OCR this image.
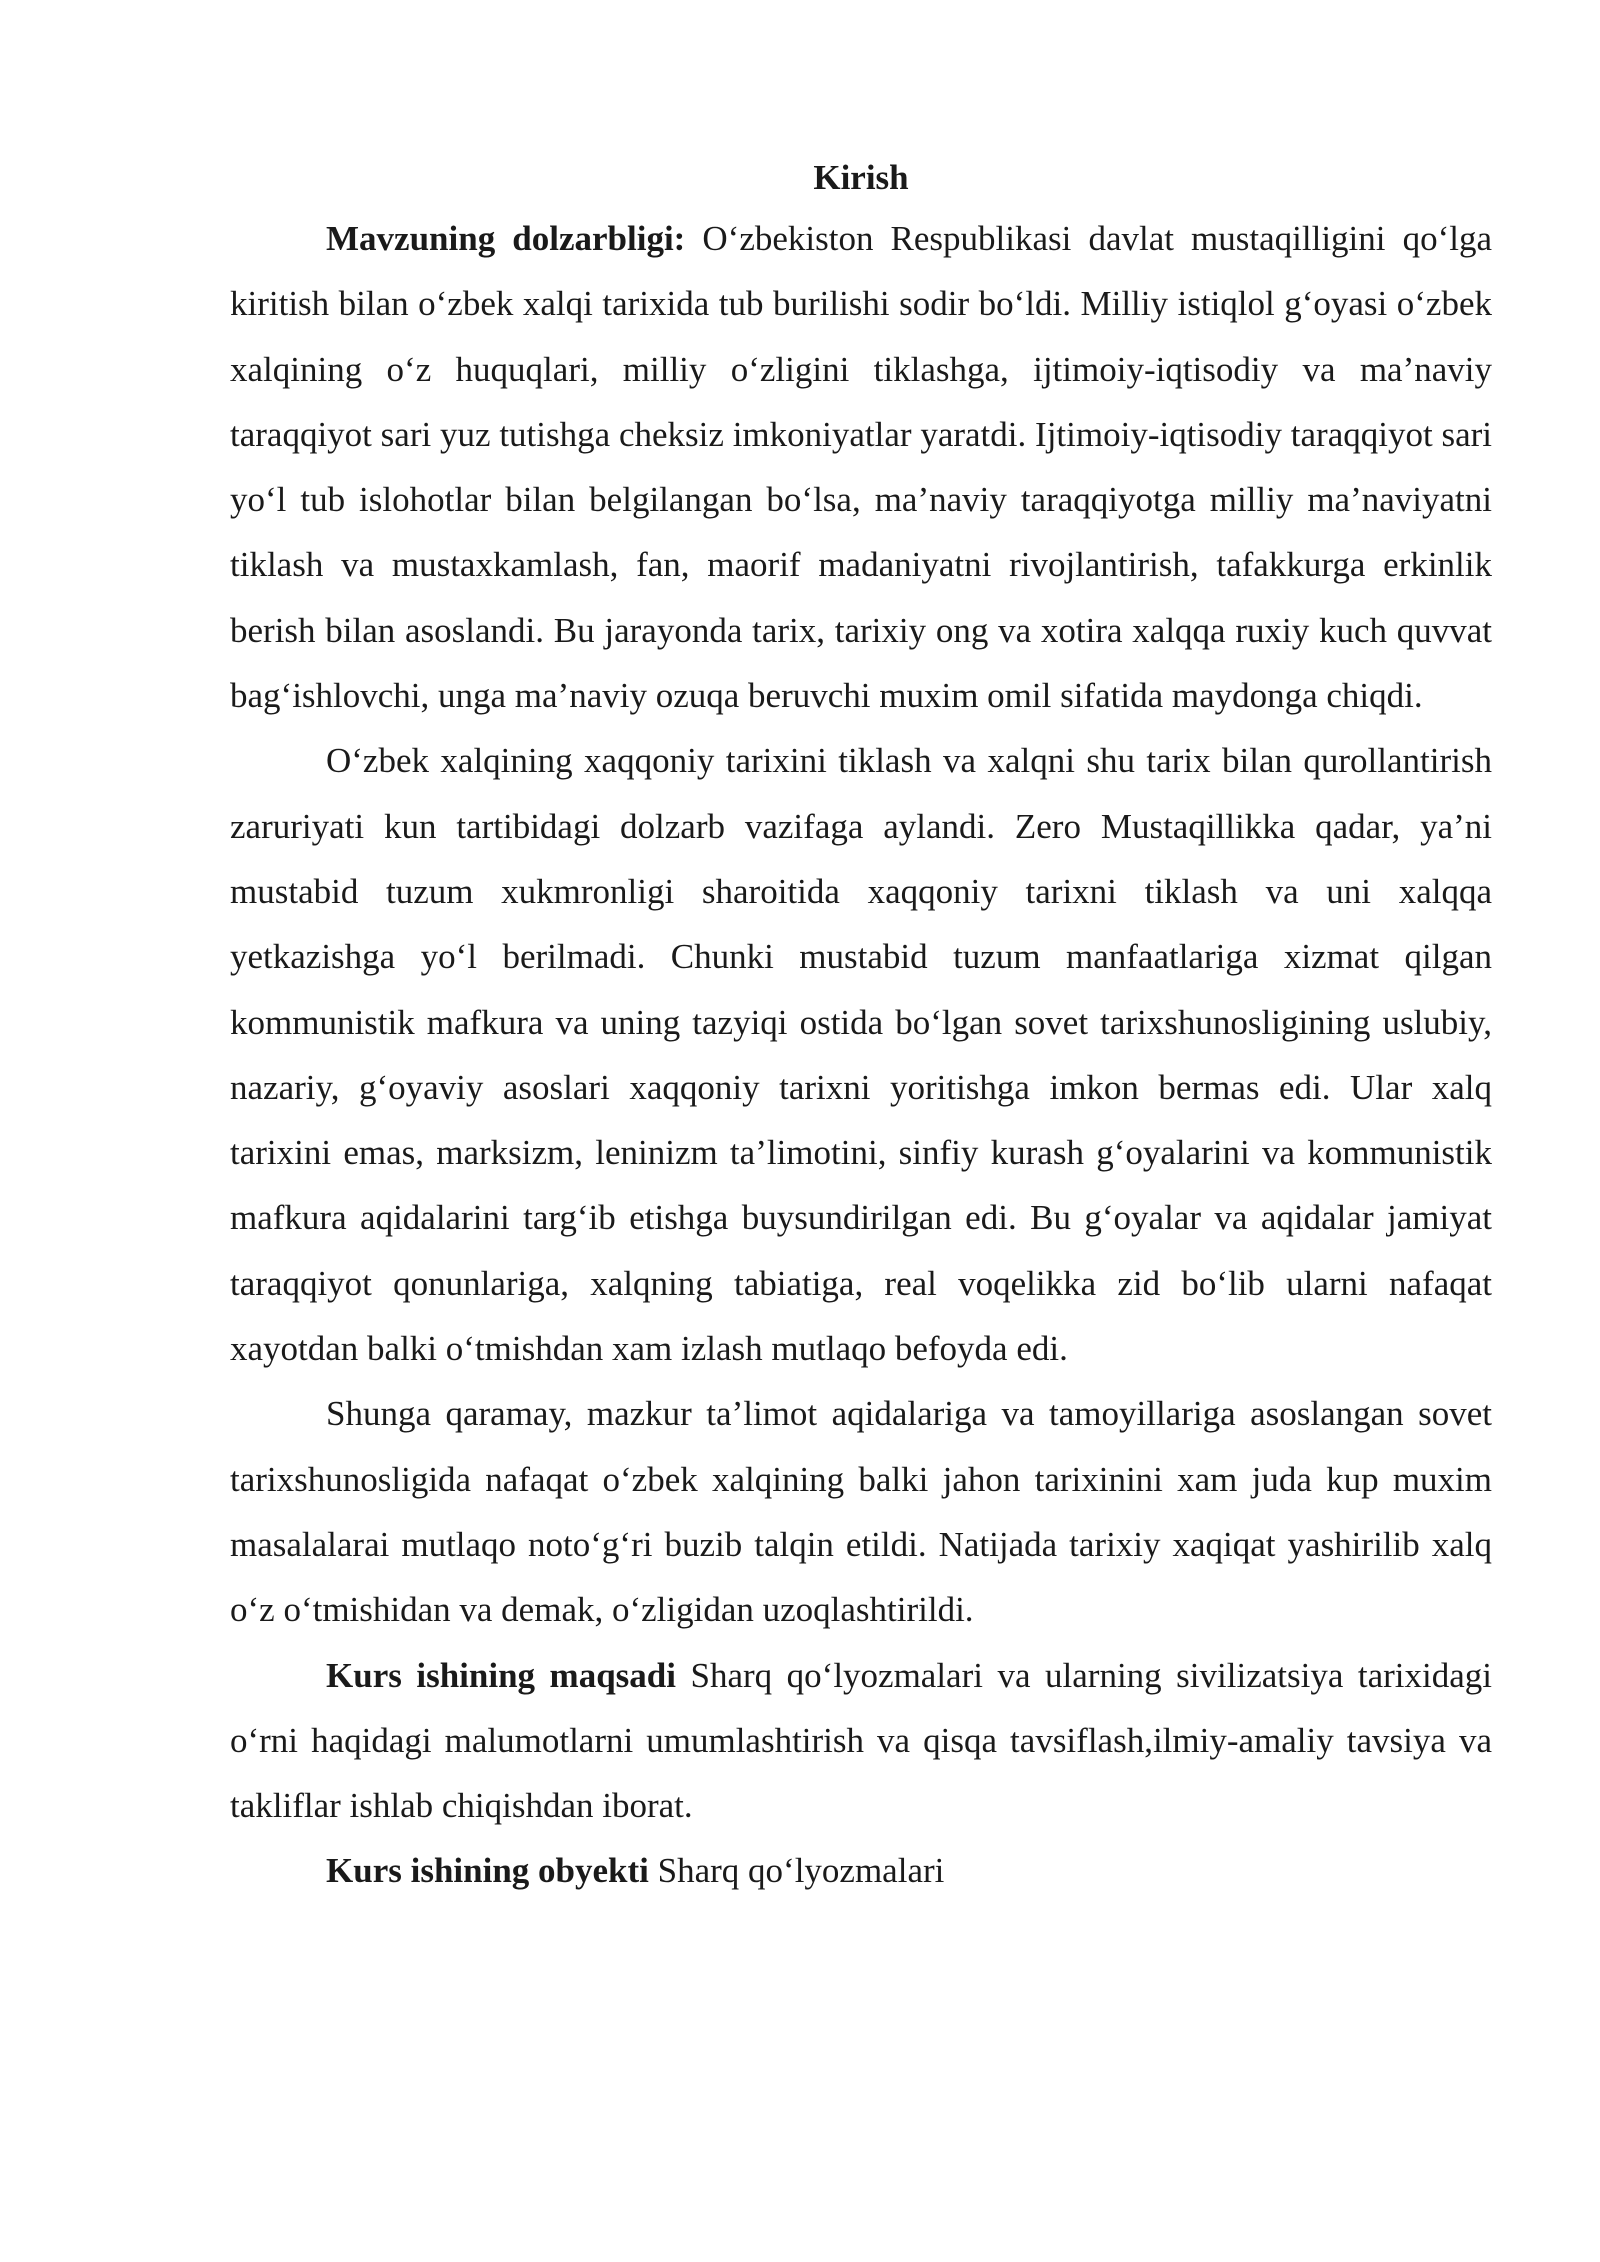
Kirish

Mavzuning dolzarbligi: O‘zbekiston Respublikasi davlat mustaqilligini qo‘lga kiritish bilan o‘zbek xalqi tarixida tub burilishi sodir bo‘ldi. Milliy istiqlol g‘oyasi o‘zbek xalqining o‘z huquqlari, milliy o‘zligini tiklashga, ijtimoiy-iqtisodiy va ma’naviy taraqqiyot sari yuz tutishga cheksiz imkoniyatlar yaratdi. Ijtimoiy-iqtisodiy taraqqiyot sari yo‘l tub islohotlar bilan belgilangan bo‘lsa, ma’naviy taraqqiyotga milliy ma’naviyatni tiklash va mustaxkamlash, fan, maorif madaniyatni rivojlantirish, tafakkurga erkinlik berish bilan asoslandi. Bu jarayonda tarix, tarixiy ong va xotira xalqqa ruxiy kuch quvvat bag‘ishlovchi, unga ma’naviy ozuqa beruvchi muxim omil sifatida maydonga chiqdi.

O‘zbek xalqining xaqqoniy tarixini tiklash va xalqni shu tarix bilan qurollantirish zaruriyati kun tartibidagi dolzarb vazifaga aylandi. Zero Mustaqillikka qadar, ya’ni mustabid tuzum xukmronligi sharoitida xaqqoniy tarixni tiklash va uni xalqqa yetkazishga yo‘l berilmadi. Chunki mustabid tuzum manfaatlariga xizmat qilgan kommunistik mafkura va uning tazyiqi ostida bo‘lgan sovet tarixshunosligining uslubiy, nazariy, g‘oyaviy asoslari xaqqoniy tarixni yoritishga imkon bermas edi. Ular xalq tarixini emas, marksizm, leninizm ta’limotini, sinfiy kurash g‘oyalarini va kommunistik mafkura aqidalarini targ‘ib etishga buysundirilgan edi. Bu g‘oyalar va aqidalar jamiyat taraqqiyot qonunlariga, xalqning tabiatiga, real voqelikka zid bo‘lib ularni nafaqat xayotdan balki o‘tmishdan xam izlash mutlaqo befoyda edi.

Shunga qaramay, mazkur ta’limot aqidalariga va tamoyillariga asoslangan sovet tarixshunosligida nafaqat o‘zbek xalqining balki jahon tarixinini xam juda kup muxim masalalarai mutlaqo noto‘g‘ri buzib talqin etildi. Natijada tarixiy xaqiqat yashirilib xalq o‘z o‘tmishidan va demak, o‘zligidan uzoqlashtirildi.

Kurs ishining maqsadi Sharq qo‘lyozmalari va ularning sivilizatsiya tarixidagi o‘rni haqidagi malumotlarni umumlashtirish va qisqa tavsiflash,ilmiy-amaliy tavsiya va takliflar ishlab chiqishdan iborat.

Kurs ishining obyekti Sharq qo‘lyozmalari
